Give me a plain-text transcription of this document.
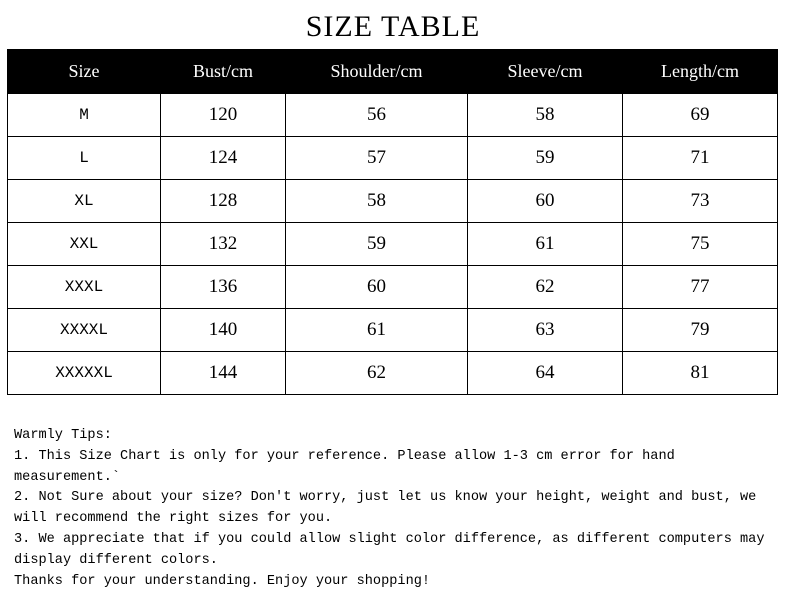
SIZE TABLE
Size	Bust/cm	Shoulder/cm	Sleeve/cm	Length/cm
M	120	56	58	69
L	124	57	59	71
XL	128	58	60	73
XXL	132	59	61	75
XXXL	136	60	62	77
XXXXL	140	61	63	79
XXXXXL	144	62	64	81
Warmly Tips:
1. This Size Chart is only for your reference. Please allow 1-3 cm error for hand measurement.`
2. Not Sure about your size? Don't worry, just let us know your height, weight and bust, we will recommend the right sizes for you.
3. We appreciate that if you could allow slight color difference, as different computers may display different colors.
Thanks for your understanding. Enjoy your shopping!
